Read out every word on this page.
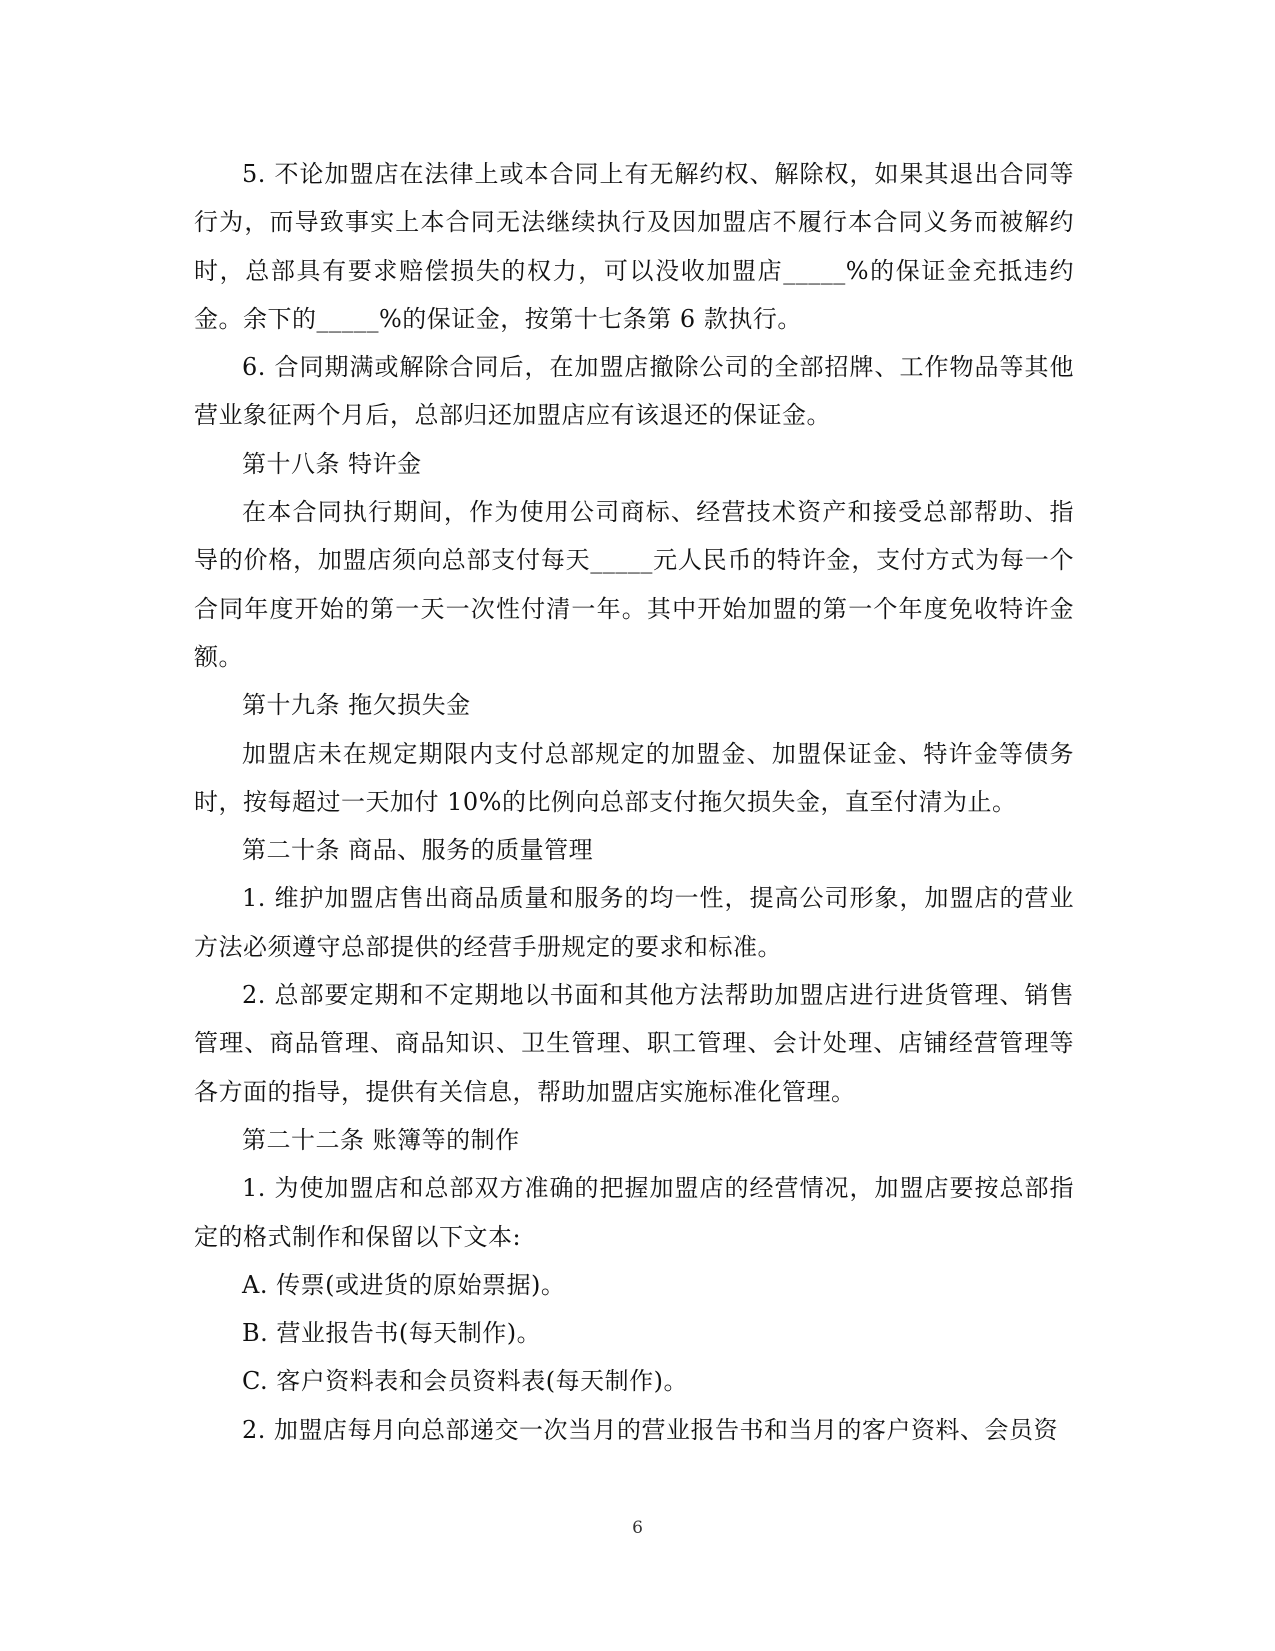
5. 不论加盟店在法律上或本合同上有无解约权、解除权，如果其退出合同等行为，而导致事实上本合同无法继续执行及因加盟店不履行本合同义务而被解约时，总部具有要求赔偿损失的权力，可以没收加盟店_____%的保证金充抵违约金。余下的_____%的保证金，按第十七条第 6 款执行。

6. 合同期满或解除合同后，在加盟店撤除公司的全部招牌、工作物品等其他营业象征两个月后，总部归还加盟店应有该退还的保证金。

第十八条 特许金

在本合同执行期间，作为使用公司商标、经营技术资产和接受总部帮助、指导的价格，加盟店须向总部支付每天_____元人民币的特许金，支付方式为每一个合同年度开始的第一天一次性付清一年。其中开始加盟的第一个年度免收特许金额。

第十九条 拖欠损失金

加盟店未在规定期限内支付总部规定的加盟金、加盟保证金、特许金等债务时，按每超过一天加付 10%的比例向总部支付拖欠损失金，直至付清为止。

第二十条 商品、服务的质量管理

1. 维护加盟店售出商品质量和服务的均一性，提高公司形象，加盟店的营业方法必须遵守总部提供的经营手册规定的要求和标准。

2. 总部要定期和不定期地以书面和其他方法帮助加盟店进行进货管理、销售管理、商品管理、商品知识、卫生管理、职工管理、会计处理、店铺经营管理等各方面的指导，提供有关信息，帮助加盟店实施标准化管理。

第二十二条 账簿等的制作

1. 为使加盟店和总部双方准确的把握加盟店的经营情况，加盟店要按总部指定的格式制作和保留以下文本:

A. 传票(或进货的原始票据)。

B. 营业报告书(每天制作)。

C. 客户资料表和会员资料表(每天制作)。

2. 加盟店每月向总部递交一次当月的营业报告书和当月的客户资料、会员资

6
